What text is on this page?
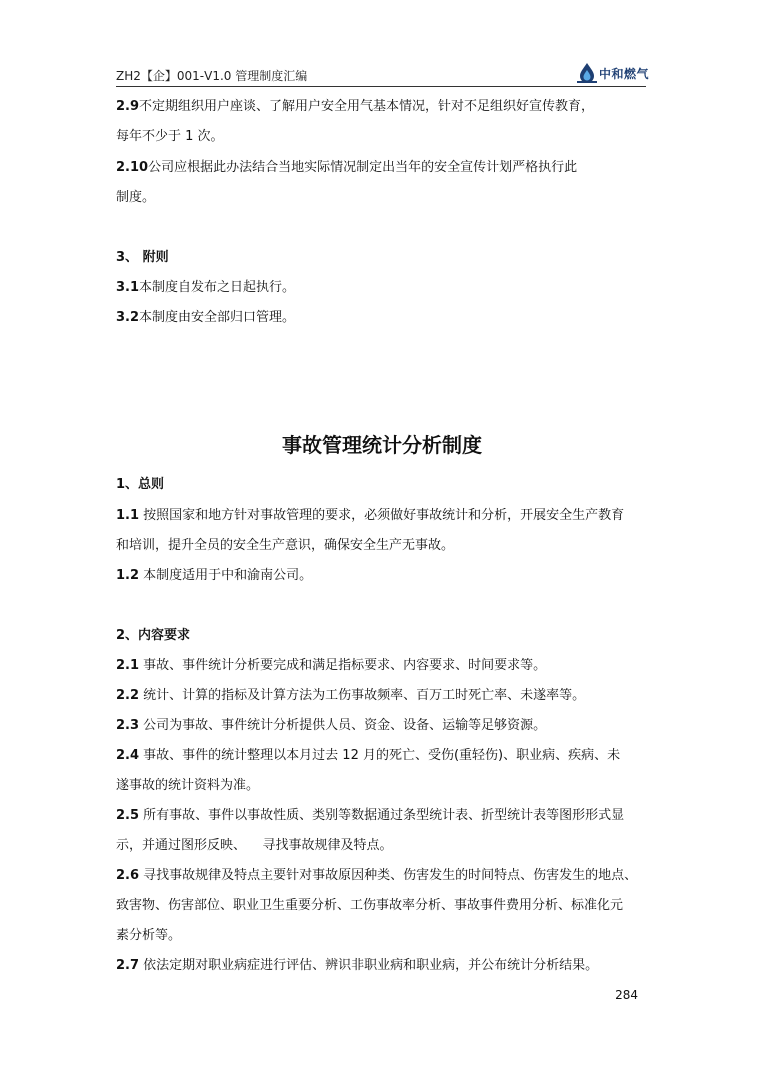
ZH2【企】001-V1.0 管理制度汇编	中和燃气

2.9不定期组织用户座谈、了解用户安全用气基本情况，针对不足组织好宣传教育，

每年不少于 1 次。

2.10公司应根据此办法结合当地实际情况制定出当年的安全宣传计划严格执行此

制度。

3、 附则

3.1本制度自发布之日起执行。

3.2本制度由安全部归口管理。

事故管理统计分析制度

1、总则

1.1 按照国家和地方针对事故管理的要求，必须做好事故统计和分析，开展安全生产教育

和培训，提升全员的安全生产意识，确保安全生产无事故。

1.2 本制度适用于中和渝南公司。

2、内容要求

2.1 事故、事件统计分析要完成和满足指标要求、内容要求、时间要求等。

2.2 统计、计算的指标及计算方法为工伤事故频率、百万工时死亡率、未遂率等。

2.3 公司为事故、事件统计分析提供人员、资金、设备、运输等足够资源。

2.4 事故、事件的统计整理以本月过去 12 月的死亡、受伤(重轻伤)、职业病、疾病、未

遂事故的统计资料为准。

2.5 所有事故、事件以事故性质、类别等数据通过条型统计表、折型统计表等图形形式显

示，并通过图形反映、    寻找事故规律及特点。

2.6 寻找事故规律及特点主要针对事故原因种类、伤害发生的时间特点、伤害发生的地点、

致害物、伤害部位、职业卫生重要分析、工伤事故率分析、事故事件费用分析、标准化元

素分析等。

2.7 依法定期对职业病症进行评估、辨识非职业病和职业病，并公布统计分析结果。

284
